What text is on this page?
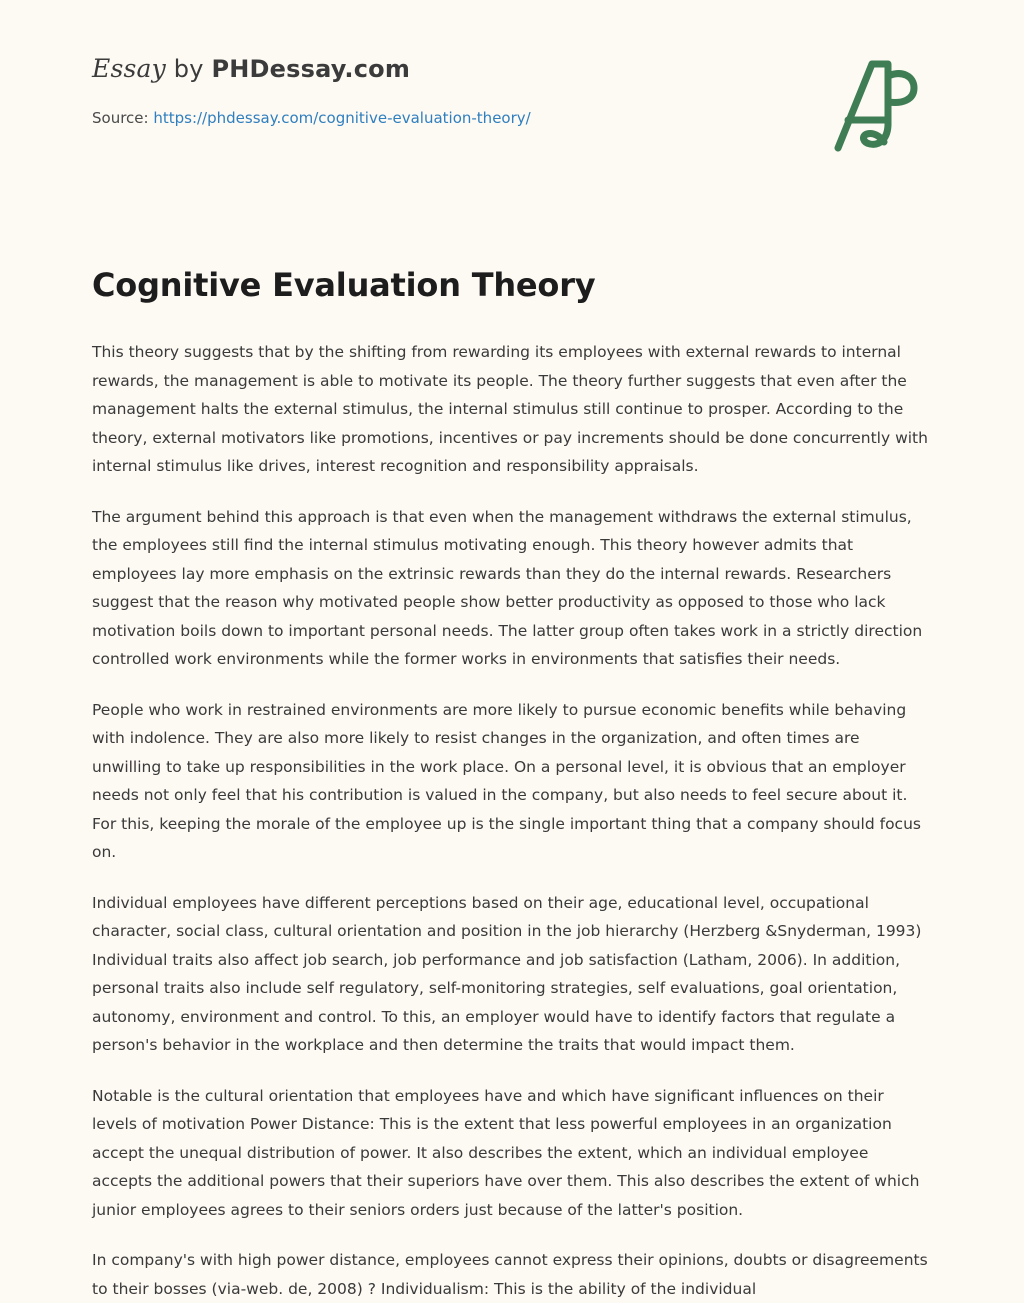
Essay by PHDessay.com

Source: https://phdessay.com/cognitive-evaluation-theory/

Cognitive Evaluation Theory

This theory suggests that by the shifting from rewarding its employees with external rewards to internal rewards, the management is able to motivate its people. The theory further suggests that even after the management halts the external stimulus, the internal stimulus still continue to prosper. According to the theory, external motivators like promotions, incentives or pay increments should be done concurrently with internal stimulus like drives, interest recognition and responsibility appraisals.

The argument behind this approach is that even when the management withdraws the external stimulus, the employees still find the internal stimulus motivating enough. This theory however admits that employees lay more emphasis on the extrinsic rewards than they do the internal rewards. Researchers suggest that the reason why motivated people show better productivity as opposed to those who lack motivation boils down to important personal needs. The latter group often takes work in a strictly direction controlled work environments while the former works in environments that satisfies their needs.

People who work in restrained environments are more likely to pursue economic benefits while behaving with indolence. They are also more likely to resist changes in the organization, and often times are unwilling to take up responsibilities in the work place. On a personal level, it is obvious that an employer needs not only feel that his contribution is valued in the company, but also needs to feel secure about it. For this, keeping the morale of the employee up is the single important thing that a company should focus on.

Individual employees have different perceptions based on their age, educational level, occupational character, social class, cultural orientation and position in the job hierarchy (Herzberg &Snyderman, 1993) Individual traits also affect job search, job performance and job satisfaction (Latham, 2006). In addition, personal traits also include self regulatory, self-monitoring strategies, self evaluations, goal orientation, autonomy, environment and control. To this, an employer would have to identify factors that regulate a person's behavior in the workplace and then determine the traits that would impact them.

Notable is the cultural orientation that employees have and which have significant influences on their levels of motivation Power Distance: This is the extent that less powerful employees in an organization accept the unequal distribution of power. It also describes the extent, which an individual employee accepts the additional powers that their superiors have over them. This also describes the extent of which junior employees agrees to their seniors orders just because of the latter's position.

In company's with high power distance, employees cannot express their opinions, doubts or disagreements to their bosses (via-web. de, 2008) ? Individualism: This is the ability of the individual
